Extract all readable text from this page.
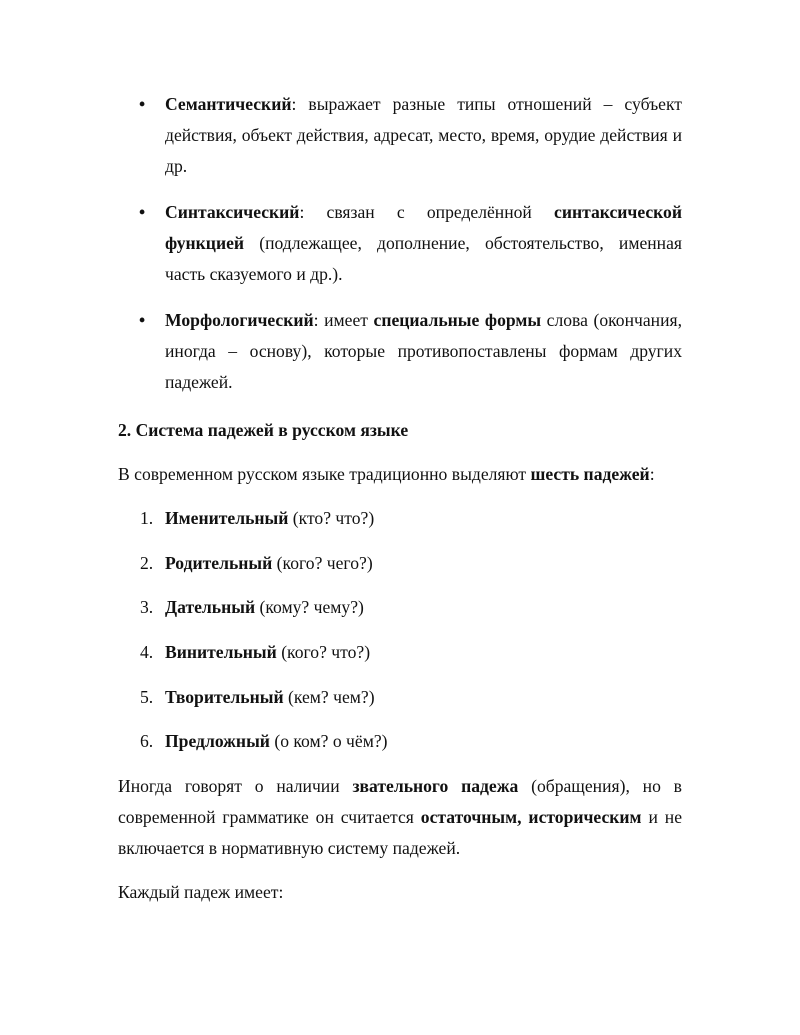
• Семантический: выражает разные типы отношений – субъект действия, объект действия, адресат, место, время, орудие действия и др.
• Синтаксический: связан с определённой синтаксической функцией (подлежащее, дополнение, обстоятельство, именная часть сказуемого и др.).
• Морфологический: имеет специальные формы слова (окончания, иногда – основу), которые противопоставлены формам других падежей.

2. Система падежей в русском языке

В современном русском языке традиционно выделяют шесть падежей:

1. Именительный (кто? что?)
2. Родительный (кого? чего?)
3. Дательный (кому? чему?)
4. Винительный (кого? что?)
5. Творительный (кем? чем?)
6. Предложный (о ком? о чём?)

Иногда говорят о наличии звательного падежа (обращения), но в современной грамматике он считается остаточным, историческим и не включается в нормативную систему падежей.

Каждый падеж имеет:
